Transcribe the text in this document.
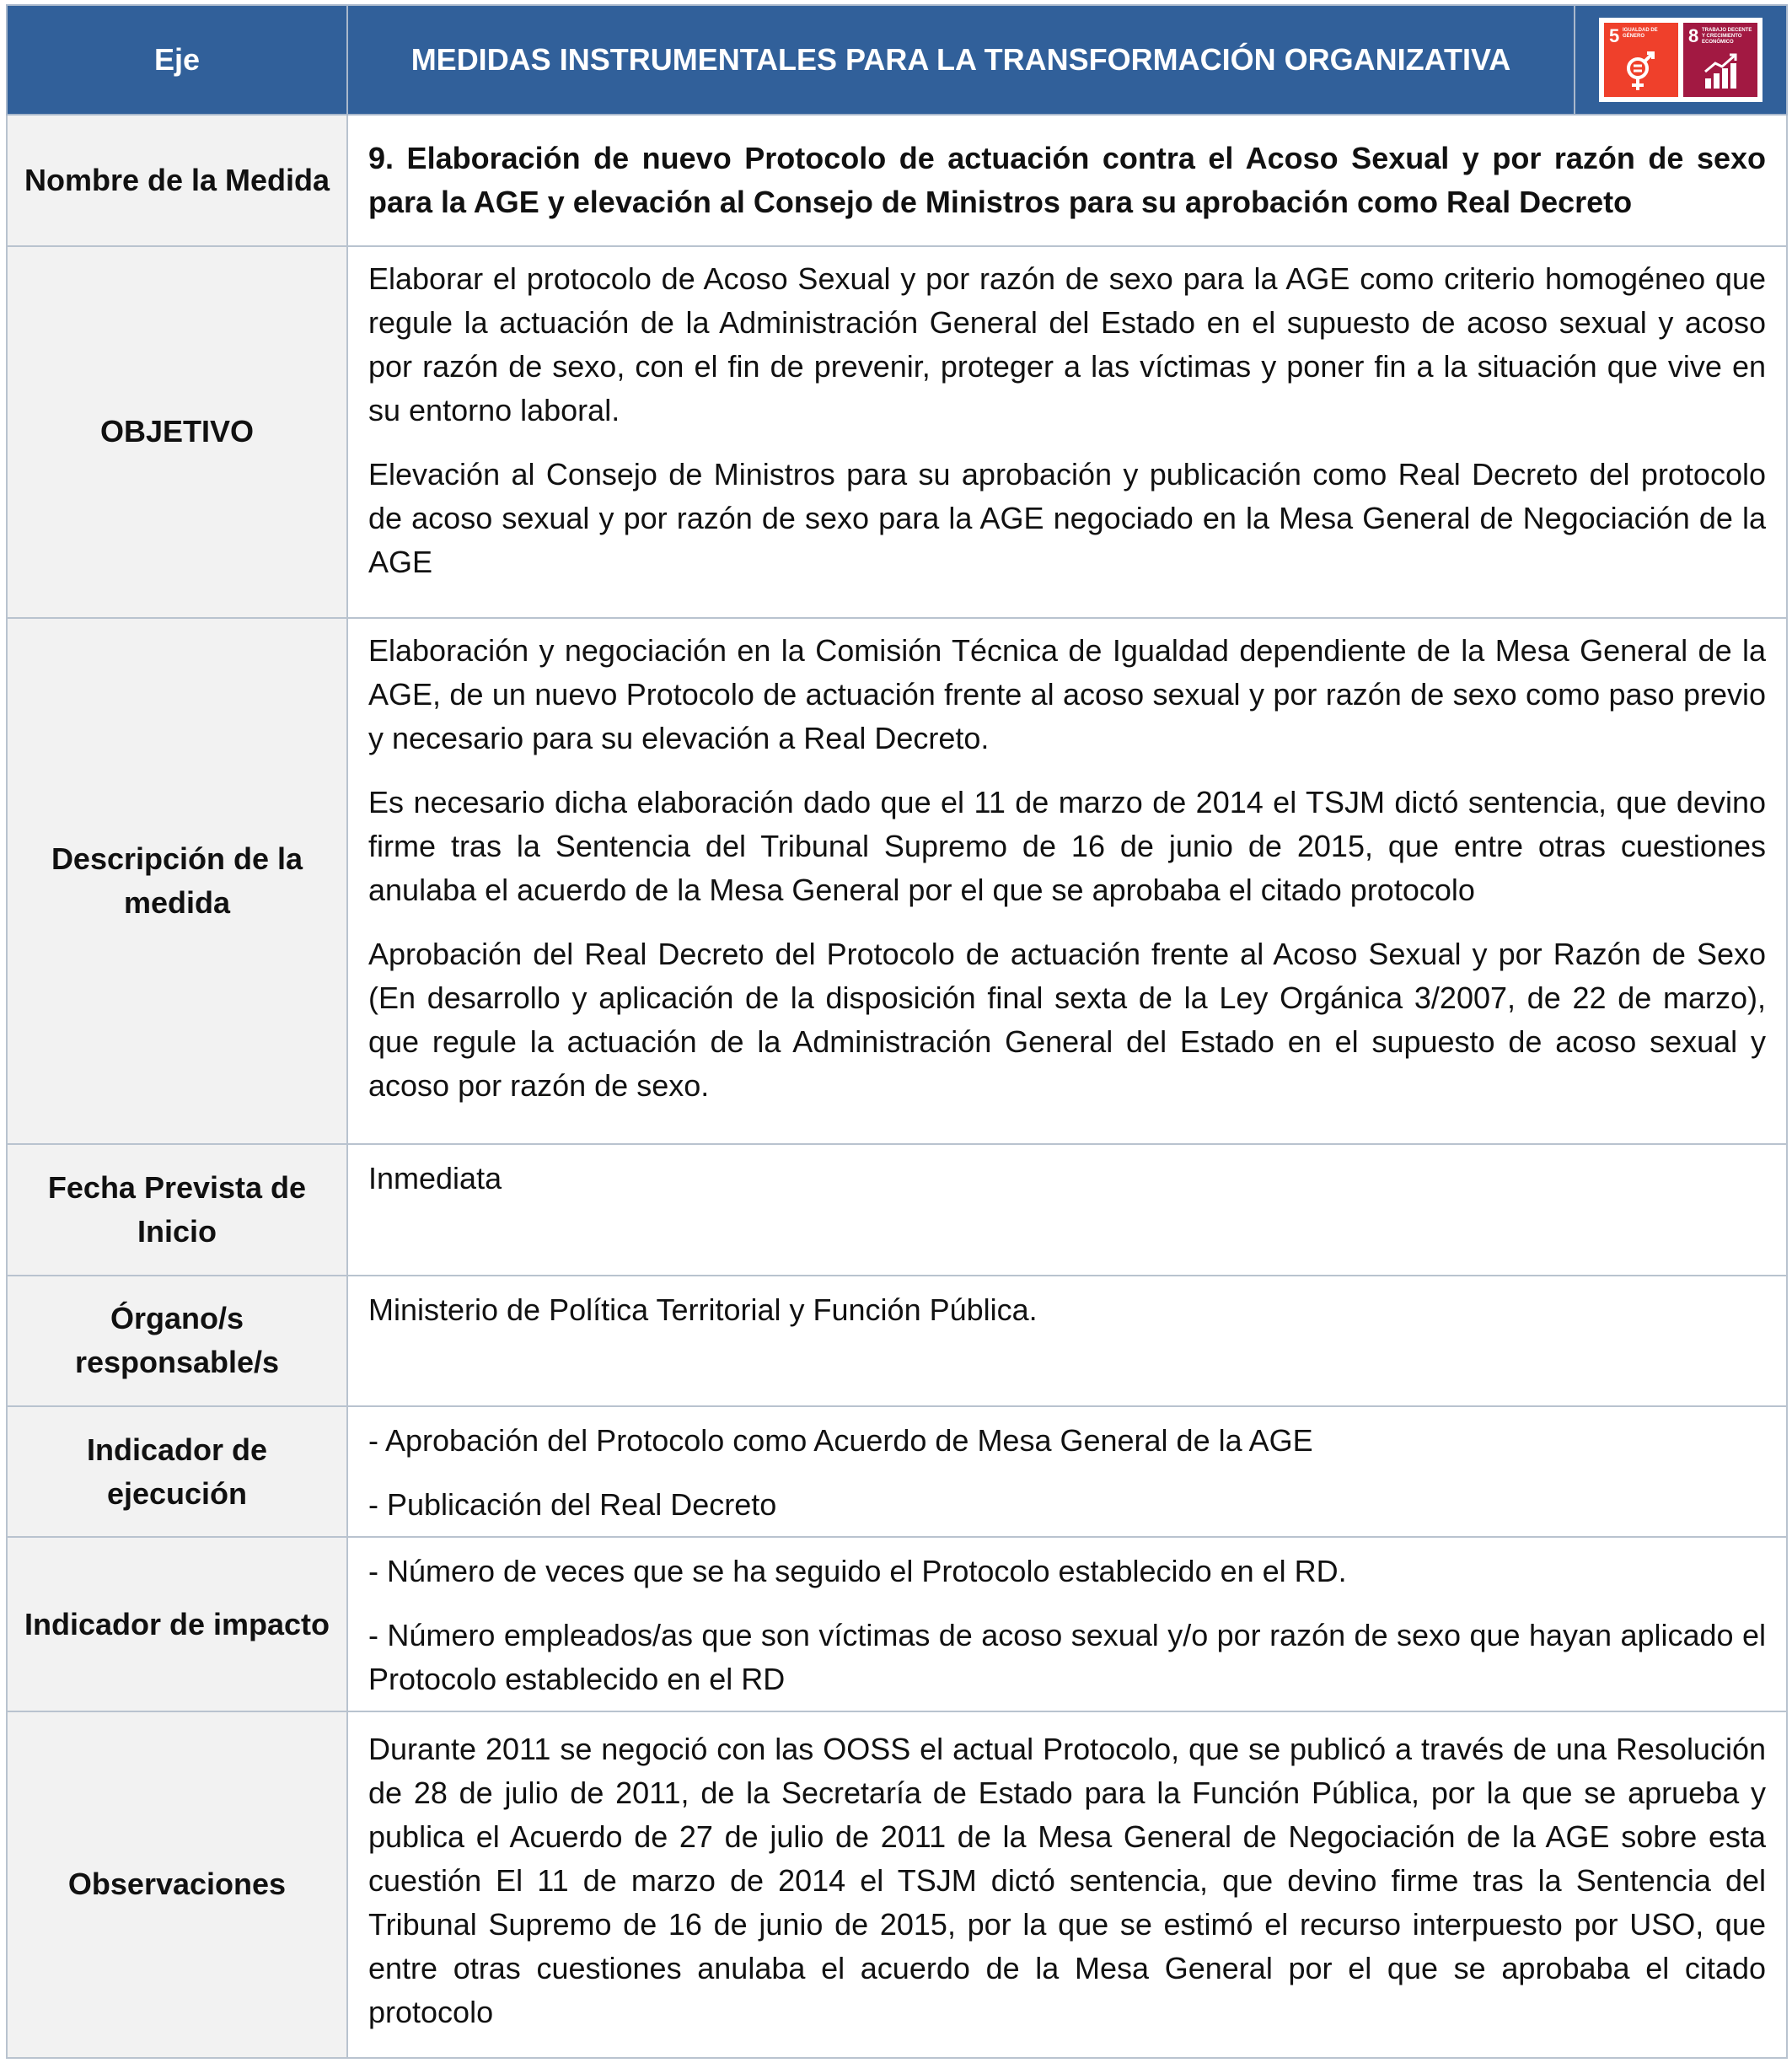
Eje	MEDIDAS INSTRUMENTALES PARA LA TRANSFORMACIÓN ORGANIZATIVA	5 IGUALDAD DE GÉNERO 8 TRABAJO DECENTE Y CRECIMIENTO ECONÓMICO

Nombre de la Medida	9. Elaboración de nuevo Protocolo de actuación contra el Acoso Sexual y por razón de sexo para la AGE y elevación al Consejo de Ministros para su aprobación como Real Decreto	
OBJETIVO	Elaborar el protocolo de Acoso Sexual y por razón de sexo para la AGE como criterio homogéneo que regule la actuación de la Administración General del Estado en el supuesto de acoso sexual y acoso por razón de sexo, con el fin de prevenir, proteger a las víctimas y poner fin a la situación que vive en su entorno laboral.

Elevación al Consejo de Ministros para su aprobación y publicación como Real Decreto del protocolo de acoso sexual y por razón de sexo para la AGE negociado en la Mesa General de Negociación de la AGE	

Descripción de la medida	Elaboración y negociación en la Comisión Técnica de Igualdad dependiente de la Mesa General de la AGE, de un nuevo Protocolo de actuación frente al acoso sexual y por razón de sexo como paso previo y necesario para su elevación a Real Decreto.

Es necesario dicha elaboración dado que el 11 de marzo de 2014 el TSJM dictó sentencia, que devino firme tras la Sentencia del Tribunal Supremo de 16 de junio de 2015, que entre otras cuestiones anulaba el acuerdo de la Mesa General por el que se aprobaba el citado protocolo

Aprobación del Real Decreto del Protocolo de actuación frente al Acoso Sexual y por Razón de Sexo (En desarrollo y aplicación de la disposición final sexta de la Ley Orgánica 3/2007, de 22 de marzo), que regule la actuación de la Administración General del Estado en el supuesto de acoso sexual y acoso por razón de sexo.	

Fecha Prevista de Inicio	Inmediata	
Órgano/s responsable/s	Ministerio de Política Territorial y Función Pública.	
Indicador de ejecución	- Aprobación del Protocolo como Acuerdo de Mesa General de la AGE

- Publicación del Real Decreto	

Indicador de impacto	- Número de veces que se ha seguido el Protocolo establecido en el RD.

- Número empleados/as que son víctimas de acoso sexual y/o por razón de sexo que hayan aplicado el Protocolo establecido en el RD	

Observaciones	Durante 2011 se negoció con las OOSS el actual Protocolo, que se publicó a través de una Resolución de 28 de julio de 2011, de la Secretaría de Estado para la Función Pública, por la que se aprueba y publica el Acuerdo de 27 de julio de 2011 de la Mesa General de Negociación de la AGE sobre esta cuestión El 11 de marzo de 2014 el TSJM dictó sentencia, que devino firme tras la Sentencia del Tribunal Supremo de 16 de junio de 2015, por la que se estimó el recurso interpuesto por USO, que entre otras cuestiones anulaba el acuerdo de la Mesa General por el que se aprobaba el citado protocolo	
